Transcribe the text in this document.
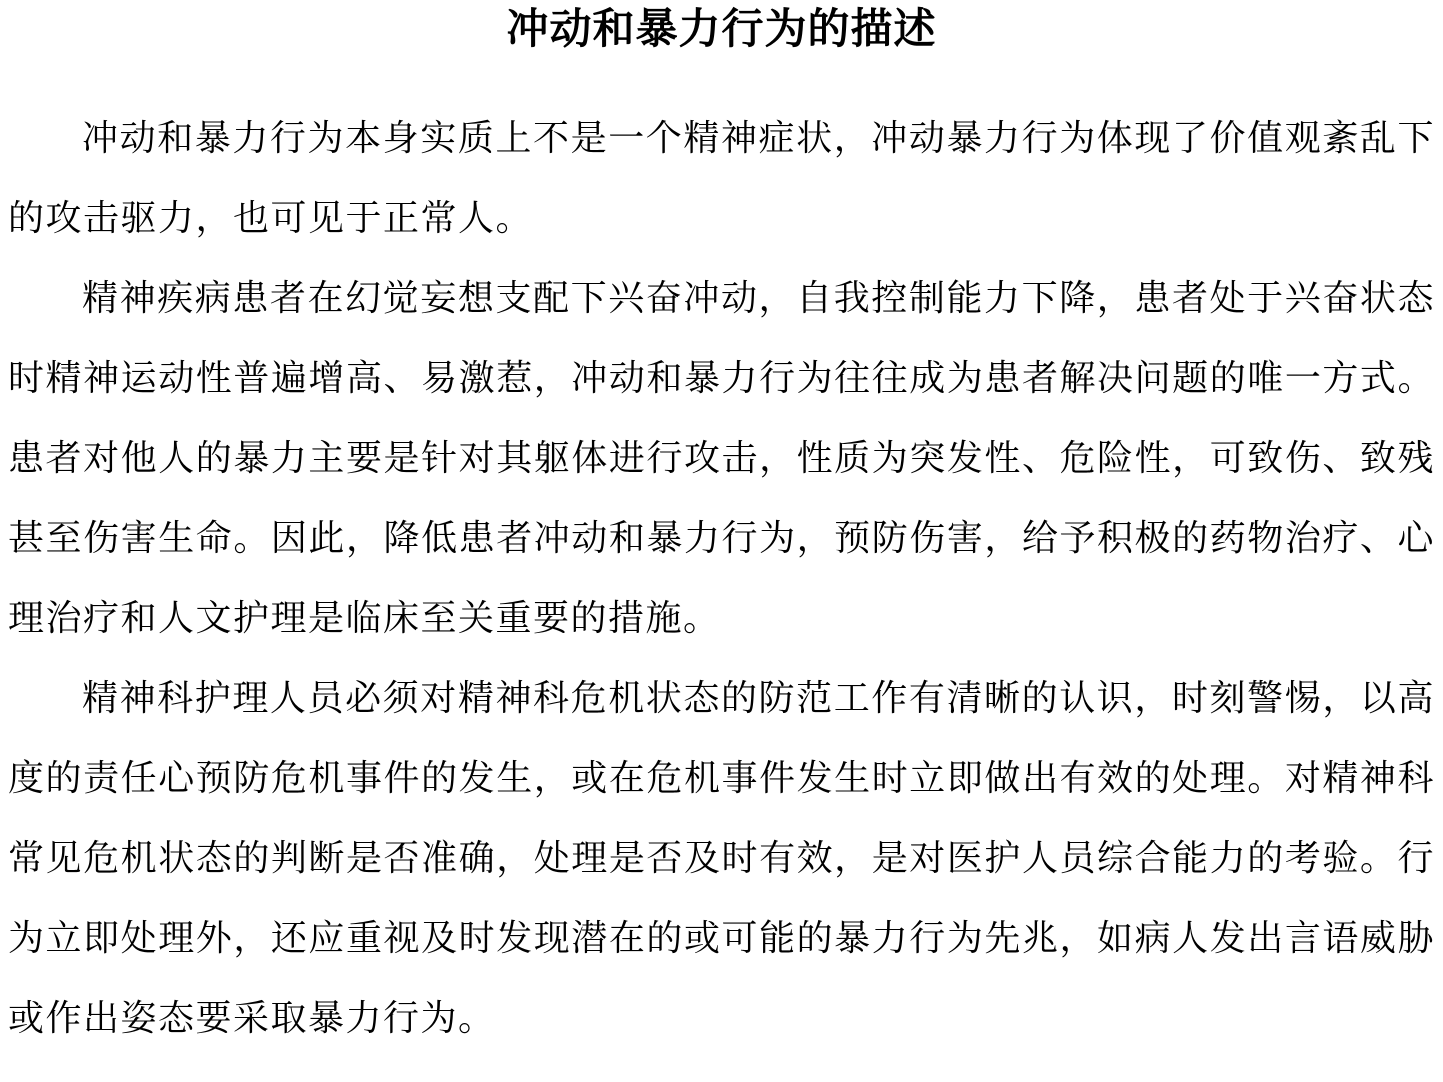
冲动和暴力行为的描述

冲动和暴力行为本身实质上不是一个精神症状，冲动暴力行为体现了价值观紊乱下的攻击驱力，也可见于正常人。

精神疾病患者在幻觉妄想支配下兴奋冲动，自我控制能力下降，患者处于兴奋状态时精神运动性普遍增高、易激惹，冲动和暴力行为往往成为患者解决问题的唯一方式。患者对他人的暴力主要是针对其躯体进行攻击，性质为突发性、危险性，可致伤、致残甚至伤害生命。因此，降低患者冲动和暴力行为，预防伤害，给予积极的药物治疗、心理治疗和人文护理是临床至关重要的措施。

精神科护理人员必须对精神科危机状态的防范工作有清晰的认识，时刻警惕，以高度的责任心预防危机事件的发生，或在危机事件发生时立即做出有效的处理。对精神科常见危机状态的判断是否准确，处理是否及时有效，是对医护人员综合能力的考验。行为立即处理外，还应重视及时发现潜在的或可能的暴力行为先兆，如病人发出言语威胁或作出姿态要采取暴力行为。
